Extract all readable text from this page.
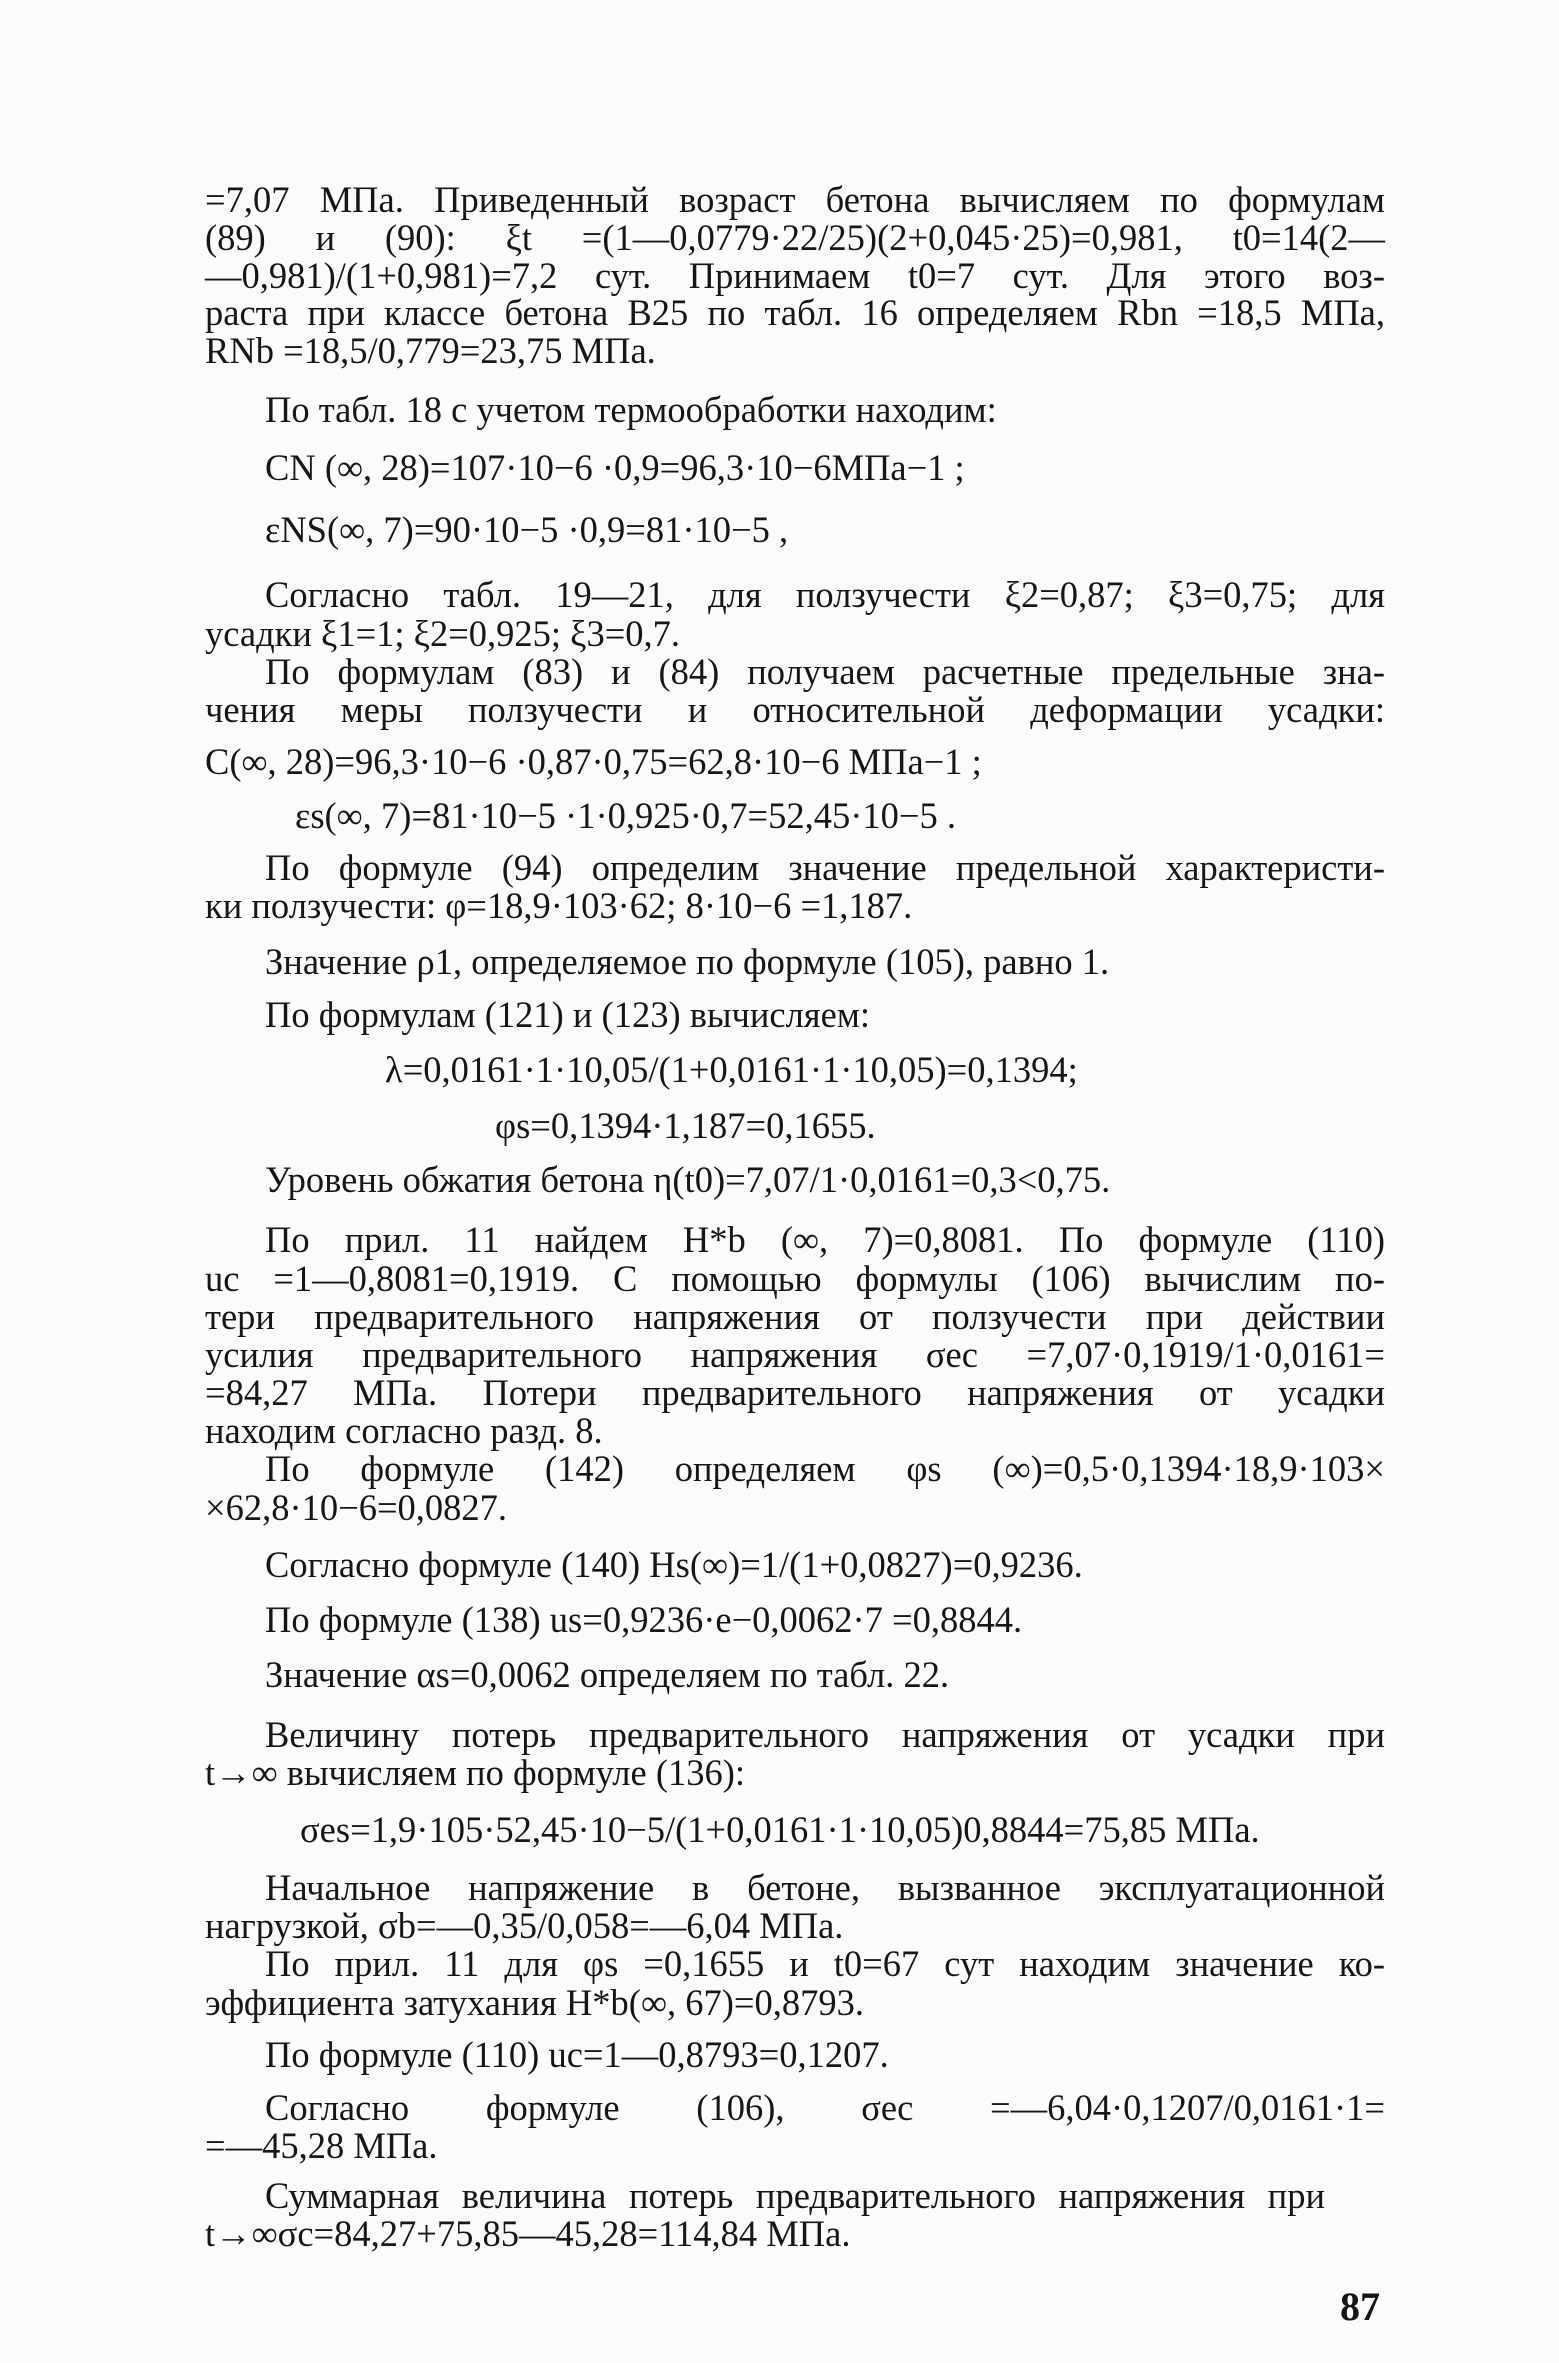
=7,07 МПа. Приведенный возраст бетона вычисляем по формулам

(89) и (90): ξt =(1—0,0779·22/25)(2+0,045·25)=0,981, t0=14(2—

—0,981)/(1+0,981)=7,2 сут. Принимаем t0=7 сут. Для этого воз-

раста при классе бетона B25 по табл. 16 определяем Rbn =18,5 МПа,

RNb =18,5/0,779=23,75 МПа.

По табл. 18 с учетом термообработки находим:

CN (∞, 28)=107·10−6 ·0,9=96,3·10−6МПа−1 ;

εNS(∞, 7)=90·10−5 ·0,9=81·10−5 ,

Согласно табл. 19—21, для ползучести ξ2=0,87; ξ3=0,75; для

усадки ξ1=1; ξ2=0,925; ξ3=0,7.

По формулам (83) и (84) получаем расчетные предельные зна-

чения меры ползучести и относительной деформации усадки:

C(∞, 28)=96,3·10−6 ·0,87·0,75=62,8·10−6 МПа−1 ;

εs(∞, 7)=81·10−5 ·1·0,925·0,7=52,45·10−5 .

По формуле (94) определим значение предельной характеристи-

ки ползучести: φ=18,9·103·62; 8·10−6 =1,187.

Значение ρ1, определяемое по формуле (105), равно 1.

По формулам (121) и (123) вычисляем:

λ=0,0161·1·10,05/(1+0,0161·1·10,05)=0,1394;

φs=0,1394·1,187=0,1655.

Уровень обжатия бетона η(t0)=7,07/1·0,0161=0,3<0,75.

По прил. 11 найдем H*b (∞, 7)=0,8081. По формуле (110)

uc =1—0,8081=0,1919. С помощью формулы (106) вычислим по-

тери предварительного напряжения от ползучести при действии

усилия предварительного напряжения σec =7,07·0,1919/1·0,0161=

=84,27 МПа. Потери предварительного напряжения от усадки

находим согласно разд. 8.

По формуле (142) определяем φs (∞)=0,5·0,1394·18,9·103×

×62,8·10−6=0,0827.

Согласно формуле (140) Hs(∞)=1/(1+0,0827)=0,9236.

По формуле (138) us=0,9236·e−0,0062·7 =0,8844.

Значение αs=0,0062 определяем по табл. 22.

Величину потерь предварительного напряжения от усадки при

t→∞ вычисляем по формуле (136):

σes=1,9·105·52,45·10−5/(1+0,0161·1·10,05)0,8844=75,85 МПа.

Начальное напряжение в бетоне, вызванное эксплуатационной

нагрузкой, σb=—0,35/0,058=—6,04 МПа.

По прил. 11 для φs =0,1655 и t0=67 сут находим значение ко-

эффициента затухания H*b(∞, 67)=0,8793.

По формуле (110) uc=1—0,8793=0,1207.

Согласно формуле (106), σec =—6,04·0,1207/0,0161·1=

=—45,28 МПа.

Суммарная величина потерь предварительного напряжения при

t→∞σc=84,27+75,85—45,28=114,84 МПа.

87
